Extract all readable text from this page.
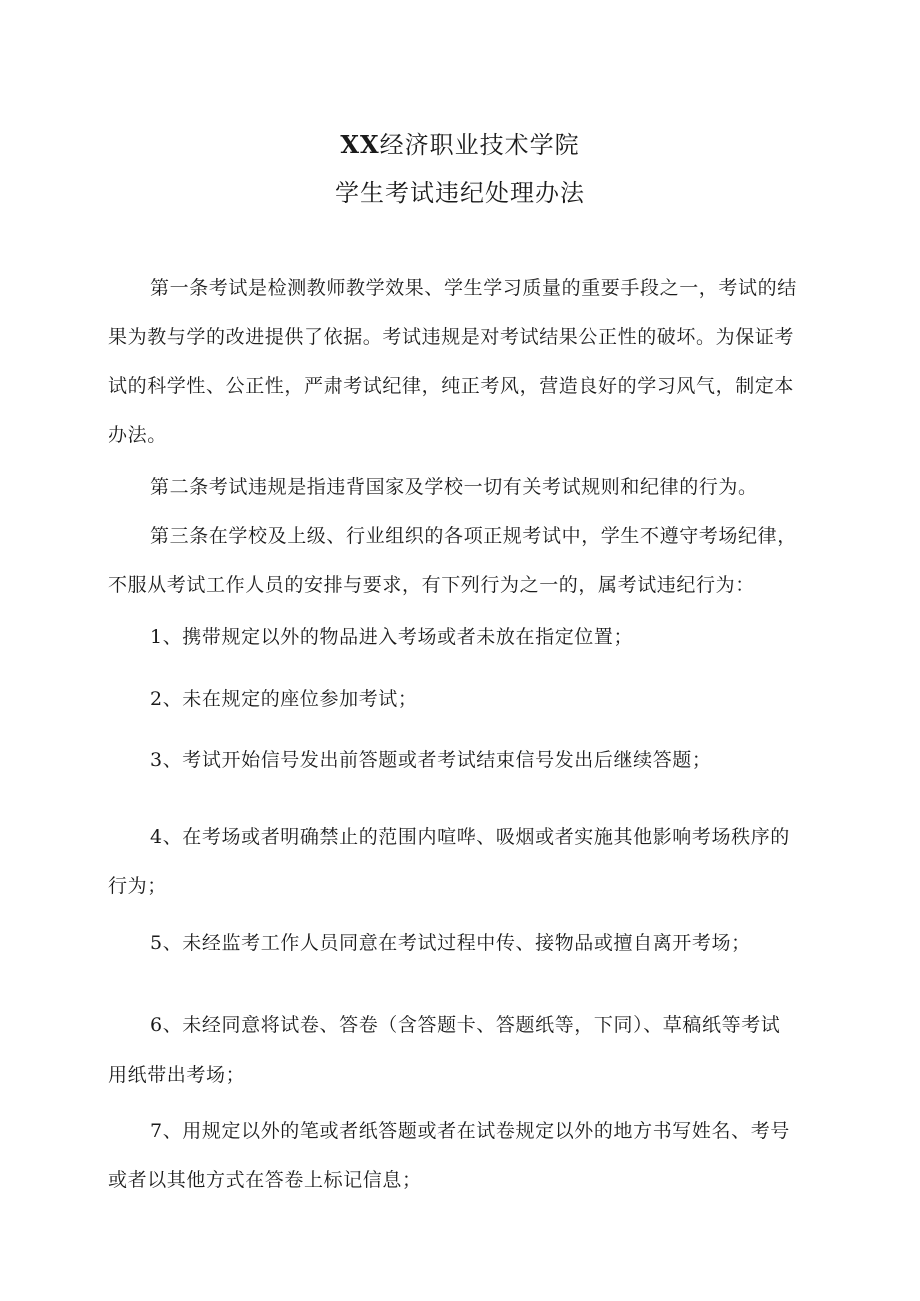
XX经济职业技术学院
学生考试违纪处理办法
第一条考试是检测教师教学效果、学生学习质量的重要手段之一，考试的结
果为教与学的改进提供了依据。考试违规是对考试结果公正性的破坏。为保证考
试的科学性、公正性，严肃考试纪律，纯正考风，营造良好的学习风气，制定本
办法。
第二条考试违规是指违背国家及学校一切有关考试规则和纪律的行为。
第三条在学校及上级、行业组织的各项正规考试中，学生不遵守考场纪律，
不服从考试工作人员的安排与要求，有下列行为之一的，属考试违纪行为：
1、携带规定以外的物品进入考场或者未放在指定位置；
2、未在规定的座位参加考试；
3、考试开始信号发出前答题或者考试结束信号发出后继续答题；
4、在考场或者明确禁止的范围内喧哗、吸烟或者实施其他影响考场秩序的
行为；
5、未经监考工作人员同意在考试过程中传、接物品或擅自离开考场；
6、未经同意将试卷、答卷（含答题卡、答题纸等，下同）、草稿纸等考试
用纸带出考场；
7、用规定以外的笔或者纸答题或者在试卷规定以外的地方书写姓名、考号
或者以其他方式在答卷上标记信息；
